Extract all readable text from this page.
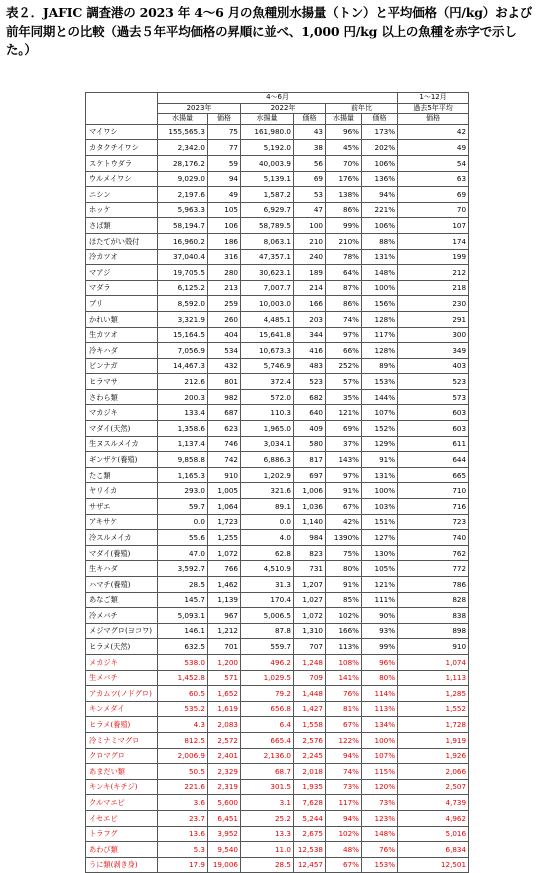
表２．JAFIC 調査港の 2023 年 4～6 月の魚種別水揚量（トン）と平均価格（円/kg）および前年同期との比較（過去５年平均価格の昇順に並べ、1,000 円/kg 以上の魚種を赤字で示した。）
	4～6月						1～12月
	2023年		2022年		前年比		過去5年平均
	水揚量	価格	水揚量	価格	水揚量	価格	価格
マイワシ	155,565.3	75	161,980.0	43	96%	173%	42
カタクチイワシ	2,342.0	77	5,192.0	38	45%	202%	49
スケトウダラ	28,176.2	59	40,003.9	56	70%	106%	54
ウルメイワシ	9,029.0	94	5,139.1	69	176%	136%	63
ニシン	2,197.6	49	1,587.2	53	138%	94%	69
ホッケ	5,963.3	105	6,929.7	47	86%	221%	70
さば類	58,194.7	106	58,789.5	100	99%	106%	107
ほたてがい殻付	16,960.2	186	8,063.1	210	210%	88%	174
冷カツオ	37,040.4	316	47,357.1	240	78%	131%	199
マアジ	19,705.5	280	30,623.1	189	64%	148%	212
マダラ	6,125.2	213	7,007.7	214	87%	100%	218
ブリ	8,592.0	259	10,003.0	166	86%	156%	230
かれい類	3,321.9	260	4,485.1	203	74%	128%	291
生カツオ	15,164.5	404	15,641.8	344	97%	117%	300
冷キハダ	7,056.9	534	10,673.3	416	66%	128%	349
ビンナガ	14,467.3	432	5,746.9	483	252%	89%	403
ヒラマサ	212.6	801	372.4	523	57%	153%	523
さわら類	200.3	982	572.0	682	35%	144%	573
マカジキ	133.4	687	110.3	640	121%	107%	603
マダイ(天然)	1,358.6	623	1,965.0	409	69%	152%	603
生ヌスルメイカ	1,137.4	746	3,034.1	580	37%	129%	611
ギンザケ(養殖)	9,858.8	742	6,886.3	817	143%	91%	644
たこ類	1,165.3	910	1,202.9	697	97%	131%	665
ヤリイカ	293.0	1,005	321.6	1,006	91%	100%	710
サザエ	59.7	1,064	89.1	1,036	67%	103%	716
アキサケ	0.0	1,723	0.0	1,140	42%	151%	723
冷スルメイカ	55.6	1,255	4.0	984	1390%	127%	740
マダイ(養殖)	47.0	1,072	62.8	823	75%	130%	762
生キハダ	3,592.7	766	4,510.9	731	80%	105%	772
ハマチ(養殖)	28.5	1,462	31.3	1,207	91%	121%	786
あなご類	145.7	1,139	170.4	1,027	85%	111%	828
冷メバチ	5,093.1	967	5,006.5	1,072	102%	90%	838
メジマグロ(ヨコワ)	146.1	1,212	87.8	1,310	166%	93%	898
ヒラメ(天然)	632.5	701	559.7	707	113%	99%	910
メカジキ	538.0	1,200	496.2	1,248	108%	96%	1,074
生メバチ	1,452.8	571	1,029.5	709	141%	80%	1,113
アカムツ(ノドグロ)	60.5	1,652	79.2	1,448	76%	114%	1,285
キンメダイ	535.2	1,619	656.8	1,427	81%	113%	1,552
ヒラメ(養殖)	4.3	2,083	6.4	1,558	67%	134%	1,728
冷ミナミマグロ	812.5	2,572	665.4	2,576	122%	100%	1,919
クロマグロ	2,006.9	2,401	2,136.0	2,245	94%	107%	1,926
あまだい類	50.5	2,329	68.7	2,018	74%	115%	2,066
キンキ(キチジ)	221.6	2,319	301.5	1,935	73%	120%	2,507
クルマエビ	3.6	5,600	3.1	7,628	117%	73%	4,739
イセエビ	23.7	6,451	25.2	5,244	94%	123%	4,962
トラフグ	13.6	3,952	13.3	2,675	102%	148%	5,016
あわび類	5.3	9,540	11.0	12,538	48%	76%	6,834
うに類(剥き身)	17.9	19,006	28.5	12,457	67%	153%	12,501
